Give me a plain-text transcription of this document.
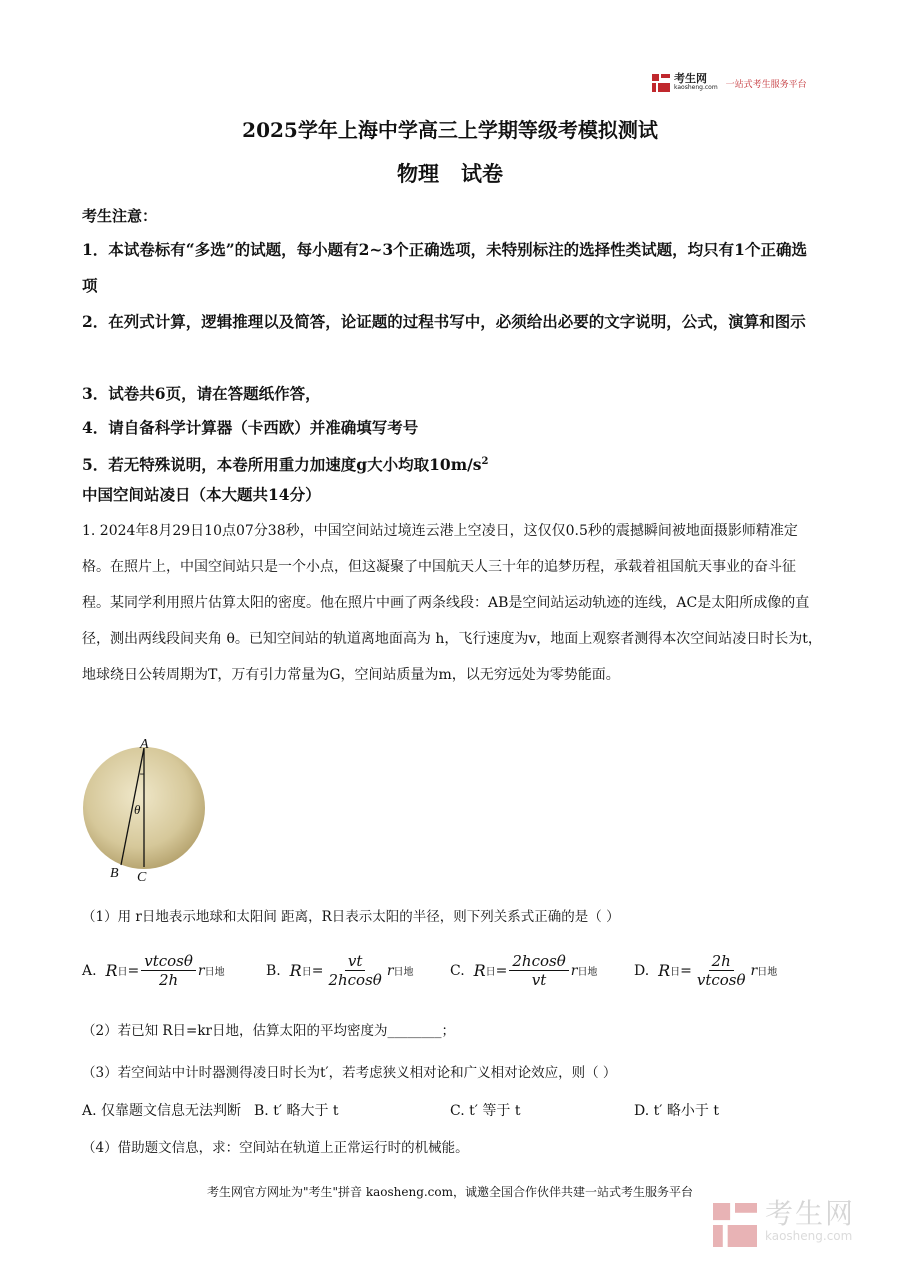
考生网
kaosheng.com 一站式考生服务平台
2025学年上海中学高三上学期等级考模拟测试
物理   试卷
考生注意：
1．本试卷标有“多选”的试题，每小题有2~3个正确选项，未特别标注的选择性类试题，均只有1个正确选项
2．在列式计算，逻辑推理以及简答，论证题的过程书写中，必须给出必要的文字说明，公式，演算和图示
3．试卷共6页，请在答题纸作答，
4．请自备科学计算器（卡西欧）并准确填写考号
5．若无特殊说明，本卷所用重力加速度g大小均取$10m/s^2$
中国空间站凌日（本大题共14分）
1. 2024年8月29日10点07分38秒，中国空间站过境连云港上空凌日，这仅仅0.5秒的震撼瞬间被地面摄影师精准定格。在照片上，中国空间站只是一个小点，但这凝聚了中国航天人三十年的追梦历程，承载着祖国航天事业的奋斗征程。某同学利用照片估算太阳的密度。他在照片中画了两条线段：AB是空间站运动轨迹的连线，AC是太阳所成像的直径，测出两线段间夹角 θ。已知空间站的轨道离地面高为 h，飞行速度为v，地面上观察者测得本次空间站凌日时长为t，地球绕日公转周期为T，万有引力常量为G，空间站质量为m，以无穷远处为零势能面。
A
θ
B C
（1）用 r日地表示地球和太阳间 距离，R日表示太阳的半径，则下列关系式正确的是（ ）
A.
R 日 = $\frac{vtcos\theta}{2h}$ r 日地	B.
R 日 = $\frac{vt}{2hcos\theta}$ r 日地	C.
R 日 = $\frac{2hcos\theta}{vt}$ r 日地	D.
R 日 = $\frac{2h}{vtcos\theta}$ r 日地
（2）若已知 R日=kr日地，估算太阳的平均密度为________；
（3）若空间站中计时器测得凌日时长为t′，若考虑狭义相对论和广义相对论效应，则（ ）
A. 仅靠题文信息无法判断 B. t′ 略大于 t	C. t′ 等于 t	D. t′ 略小于 t
（4）借助题文信息，求：空间站在轨道上正常运行时的机械能。
考生网官方网址为"考生"拼音 kaosheng.com，诚邀全国合作伙伴共建一站式考生服务平台
考生网
kaosheng.com
